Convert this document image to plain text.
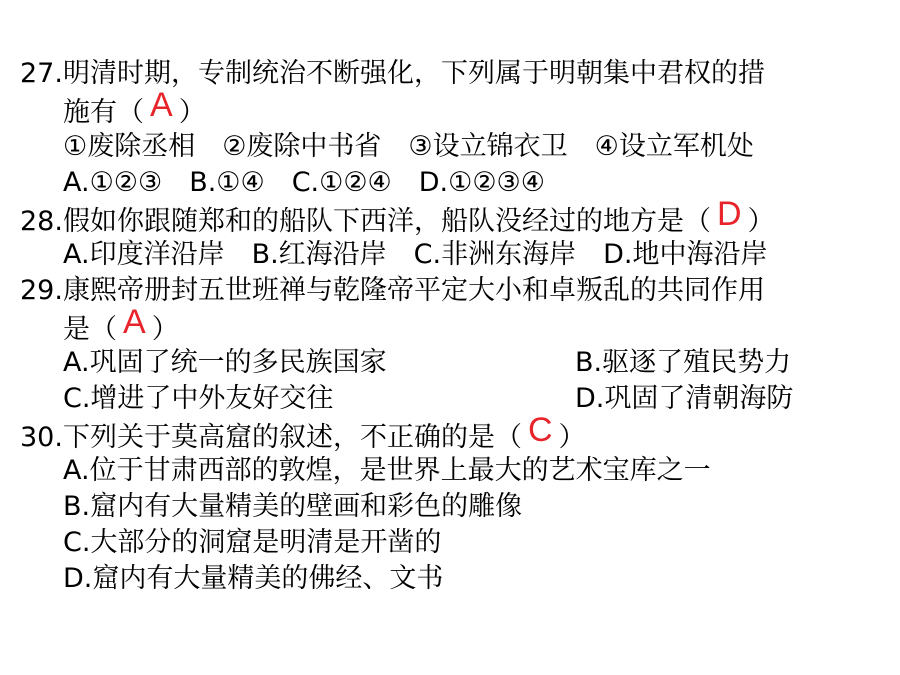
27.明清时期，专制统治不断强化，下列属于明朝集中君权的措
施有（ A ）
①废除丞相　②废除中书省　③设立锦衣卫　④设立军机处
A.①②③　B.①④　C.①②④　D.①②③④
28.假如你跟随郑和的船队下西洋，船队没经过的地方是（ D ）
A.印度洋沿岸　B.红海沿岸　C.非洲东海岸　D.地中海沿岸
29.康熙帝册封五世班禅与乾隆帝平定大小和卓叛乱的共同作用
是（ A ）
A.巩固了统一的多民族国家	B.驱逐了殖民势力
C.增进了中外友好交往	D.巩固了清朝海防
30.下列关于莫高窟的叙述，不正确的是（ C ）
A.位于甘肃西部的敦煌，是世界上最大的艺术宝库之一
B.窟内有大量精美的壁画和彩色的雕像
C.大部分的洞窟是明清是开凿的
D.窟内有大量精美的佛经、文书
